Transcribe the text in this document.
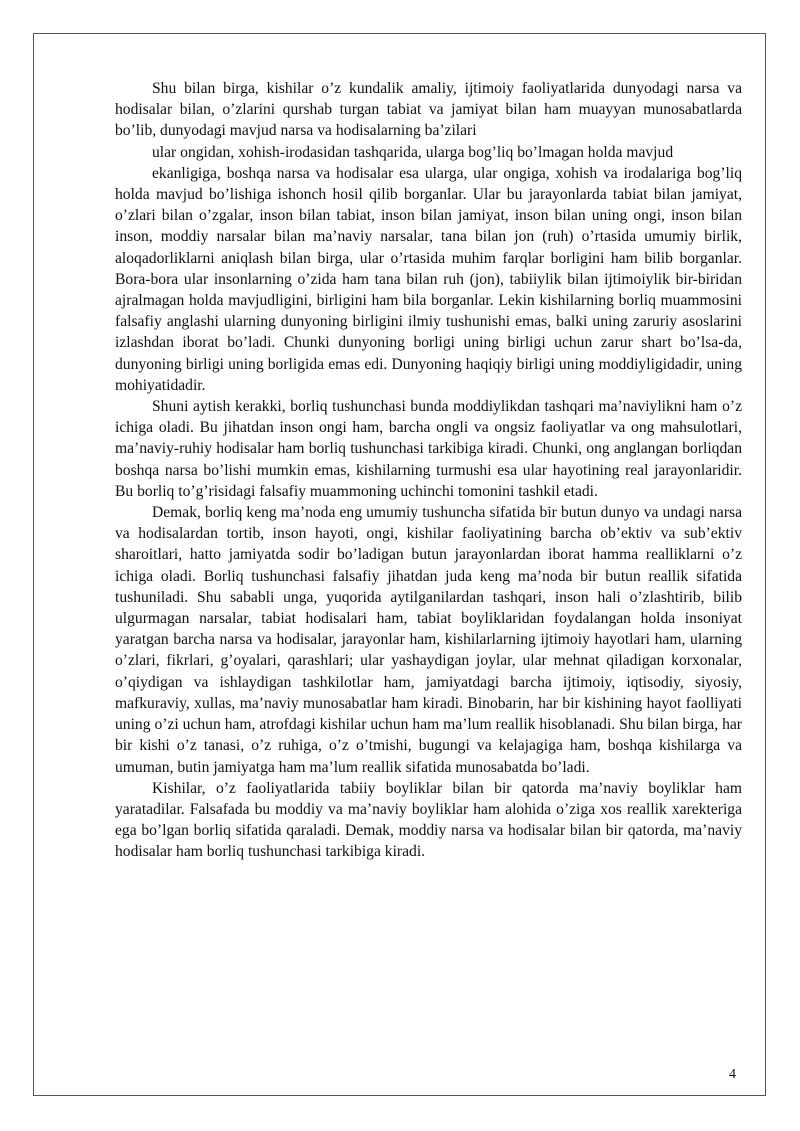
Shu bilan birga, kishilar o’z kundalik amaliy, ijtimoiy faoliyatlarida dunyodagi narsa va hodisalar bilan, o’zlarini qurshab turgan tabiat va jamiyat bilan ham muayyan munosabatlarda bo’lib, dunyodagi mavjud narsa va hodisalarning ba’zilari

ular ongidan, xohish-irodasidan tashqarida, ularga bog’liq bo’lmagan holda mavjud

ekanligiga, boshqa narsa va hodisalar esa ularga, ular ongiga, xohish va irodalariga bog’liq holda mavjud bo’lishiga ishonch hosil qilib borganlar. Ular bu jarayonlarda tabiat bilan jamiyat, o’zlari bilan o’zgalar, inson bilan tabiat, inson bilan jamiyat, inson bilan uning ongi, inson bilan inson, moddiy narsalar bilan ma’naviy narsalar, tana bilan jon (ruh) o’rtasida umumiy birlik, aloqadorliklarni aniqlash bilan birga, ular o’rtasida muhim farqlar borligini ham bilib borganlar. Bora-bora ular insonlarning o’zida ham tana bilan ruh (jon), tabiiylik bilan ijtimoiylik bir-biridan ajralmagan holda mavjudligini, birligini ham bila borganlar. Lekin kishilarning borliq muammosini falsafiy anglashi ularning dunyoning birligini ilmiy tushunishi emas, balki uning zaruriy asoslarini izlashdan iborat bo’ladi. Chunki dunyoning borligi uning birligi uchun zarur shart bo’lsa-da, dunyoning birligi uning borligida emas edi. Dunyoning haqiqiy birligi uning moddiyligidadir, uning mohiyatidadir.

Shuni aytish kerakki, borliq tushunchasi bunda moddiylikdan tashqari ma’naviylikni ham o’z ichiga oladi. Bu jihatdan inson ongi ham, barcha ongli va ongsiz faoliyatlar va ong mahsulotlari, ma’naviy-ruhiy hodisalar ham borliq tushunchasi tarkibiga kiradi. Chunki, ong anglangan borliqdan boshqa narsa bo’lishi mumkin emas, kishilarning turmushi esa ular hayotining real jarayonlaridir. Bu borliq to’g’risidagi falsafiy muammoning uchinchi tomonini tashkil etadi.

Demak, borliq keng ma’noda eng umumiy tushuncha sifatida bir butun dunyo va undagi narsa va hodisalardan tortib, inson hayoti, ongi, kishilar faoliyatining barcha ob’ektiv va sub’ektiv sharoitlari, hatto jamiyatda sodir bo’ladigan butun jarayonlardan iborat hamma realliklarni o’z ichiga oladi. Borliq tushunchasi falsafiy jihatdan juda keng ma’noda bir butun reallik sifatida tushuniladi. Shu sababli unga, yuqorida aytilganilardan tashqari, inson hali o’zlashtirib, bilib ulgurmagan narsalar, tabiat hodisalari ham, tabiat boyliklaridan foydalangan holda insoniyat yaratgan barcha narsa va hodisalar, jarayonlar ham, kishilarlarning ijtimoiy hayotlari ham, ularning o’zlari, fikrlari, g’oyalari, qarashlari; ular yashaydigan joylar, ular mehnat qiladigan korxonalar, o’qiydigan va ishlaydigan tashkilotlar ham, jamiyatdagi barcha ijtimoiy, iqtisodiy, siyosiy, mafkuraviy, xullas, ma’naviy munosabatlar ham kiradi. Binobarin, har bir kishining hayot faolliyati uning o’zi uchun ham, atrofdagi kishilar uchun ham ma’lum reallik hisoblanadi. Shu bilan birga, har bir kishi o’z tanasi, o’z ruhiga, o’z o’tmishi, bugungi va kelajagiga ham, boshqa kishilarga va umuman, butin jamiyatga ham ma’lum reallik sifatida munosabatda bo’ladi.

Kishilar, o’z faoliyatlarida tabiiy boyliklar bilan bir qatorda ma’naviy boyliklar ham yaratadilar. Falsafada bu moddiy va ma’naviy boyliklar ham alohida o’ziga xos reallik xarekteriga ega bo’lgan borliq sifatida qaraladi. Demak, moddiy narsa va hodisalar bilan bir qatorda, ma’naviy hodisalar ham borliq tushunchasi tarkibiga kiradi.

4
